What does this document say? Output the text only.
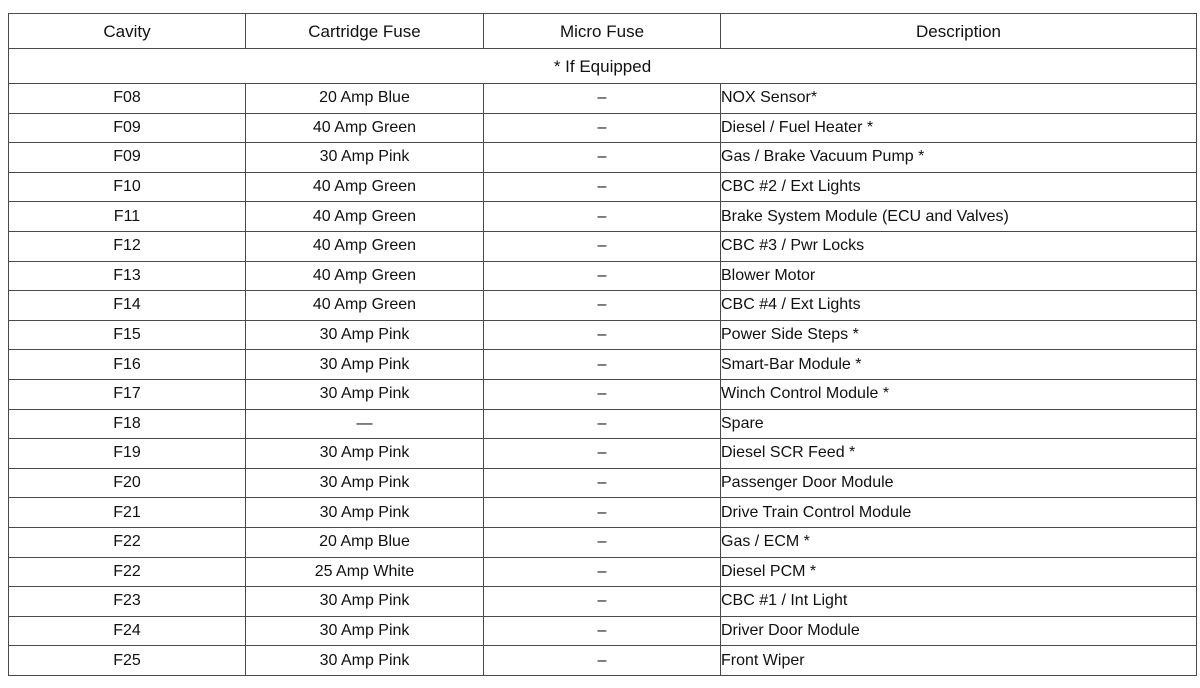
Cavity	Cartridge Fuse	Micro Fuse	Description
* If Equipped			
F08	20 Amp Blue	–	NOX Sensor*
F09	40 Amp Green	–	Diesel / Fuel Heater *
F09	30 Amp Pink	–	Gas / Brake Vacuum Pump *
F10	40 Amp Green	–	CBC #2 / Ext Lights
F11	40 Amp Green	–	Brake System Module (ECU and Valves)
F12	40 Amp Green	–	CBC #3 / Pwr Locks
F13	40 Amp Green	–	Blower Motor
F14	40 Amp Green	–	CBC #4 / Ext Lights
F15	30 Amp Pink	–	Power Side Steps *
F16	30 Amp Pink	–	Smart-Bar Module *
F17	30 Amp Pink	–	Winch Control Module *
F18	—	–	Spare
F19	30 Amp Pink	–	Diesel SCR Feed *
F20	30 Amp Pink	–	Passenger Door Module
F21	30 Amp Pink	–	Drive Train Control Module
F22	20 Amp Blue	–	Gas / ECM *
F22	25 Amp White	–	Diesel PCM *
F23	30 Amp Pink	–	CBC #1 / Int Light
F24	30 Amp Pink	–	Driver Door Module
F25	30 Amp Pink	–	Front Wiper
